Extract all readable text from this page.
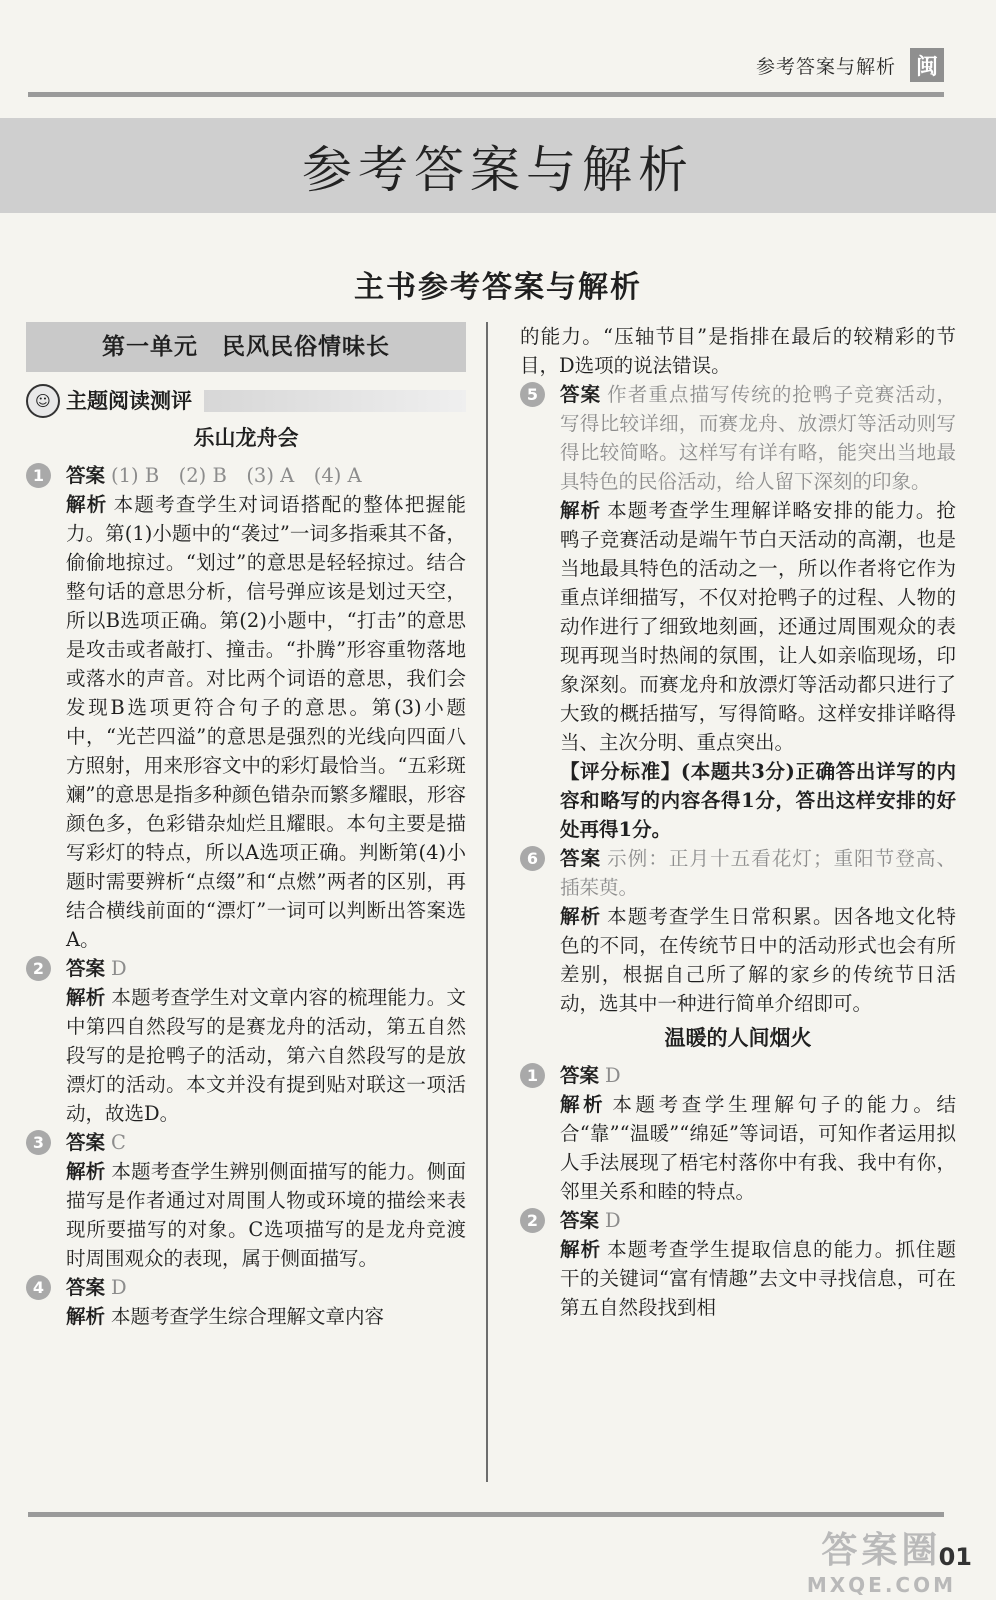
参考答案与解析 闽
参考答案与解析
主书参考答案与解析
第一单元　民风民俗情味长
☺ 主题阅读测评
乐山龙舟会
1	答案 (1) B　(2) B　(3) A　(4) A
解析 本题考查学生对词语搭配的整体把握能力。第(1)小题中的“袭过”一词多指乘其不备，偷偷地掠过。“划过”的意思是轻轻掠过。结合整句话的意思分析，信号弹应该是划过天空，所以B选项正确。第(2)小题中，“打击”的意思是攻击或者敲打、撞击。“扑腾”形容重物落地或落水的声音。对比两个词语的意思，我们会发现B选项更符合句子的意思。第(3)小题中，“光芒四溢”的意思是强烈的光线向四面八方照射，用来形容文中的彩灯最恰当。“五彩斑斓”的意思是指多种颜色错杂而繁多耀眼，形容颜色多，色彩错杂灿烂且耀眼。本句主要是描写彩灯的特点，所以A选项正确。判断第(4)小题时需要辨析“点缀”和“点燃”两者的区别，再结合横线前面的“漂灯”一词可以判断出答案选A。
2	答案 D
解析 本题考查学生对文章内容的梳理能力。文中第四自然段写的是赛龙舟的活动，第五自然段写的是抢鸭子的活动，第六自然段写的是放漂灯的活动。本文并没有提到贴对联这一项活动，故选D。
3	答案 C
解析 本题考查学生辨别侧面描写的能力。侧面描写是作者通过对周围人物或环境的描绘来表现所要描写的对象。C选项描写的是龙舟竞渡时周围观众的表现，属于侧面描写。
4	答案 D
解析 本题考查学生综合理解文章内容
的能力。“压轴节目”是指排在最后的较精彩的节目，D选项的说法错误。
5	答案 作者重点描写传统的抢鸭子竞赛活动，写得比较详细，而赛龙舟、放漂灯等活动则写得比较简略。这样写有详有略，能突出当地最具特色的民俗活动，给人留下深刻的印象。
解析 本题考查学生理解详略安排的能力。抢鸭子竞赛活动是端午节白天活动的高潮，也是当地最具特色的活动之一，所以作者将它作为重点详细描写，不仅对抢鸭子的过程、人物的动作进行了细致地刻画，还通过周围观众的表现再现当时热闹的氛围，让人如亲临现场，印象深刻。而赛龙舟和放漂灯等活动都只进行了大致的概括描写，写得简略。这样安排详略得当、主次分明、重点突出。
【评分标准】(本题共3分)正确答出详写的内容和略写的内容各得1分，答出这样安排的好处再得1分。
6	答案 示例：正月十五看花灯；重阳节登高、插茱萸。
解析 本题考查学生日常积累。因各地文化特色的不同，在传统节日中的活动形式也会有所差别，根据自己所了解的家乡的传统节日活动，选其中一种进行简单介绍即可。
温暖的人间烟火
1	答案 D
解析 本题考查学生理解句子的能力。结合“靠”“温暖”“绵延”等词语，可知作者运用拟人手法展现了梧宅村落你中有我、我中有你，邻里关系和睦的特点。
2	答案 D
解析 本题考查学生提取信息的能力。抓住题干的关键词“富有情趣”去文中寻找信息，可在第五自然段找到相
答案圈
MXQE.COM
01
